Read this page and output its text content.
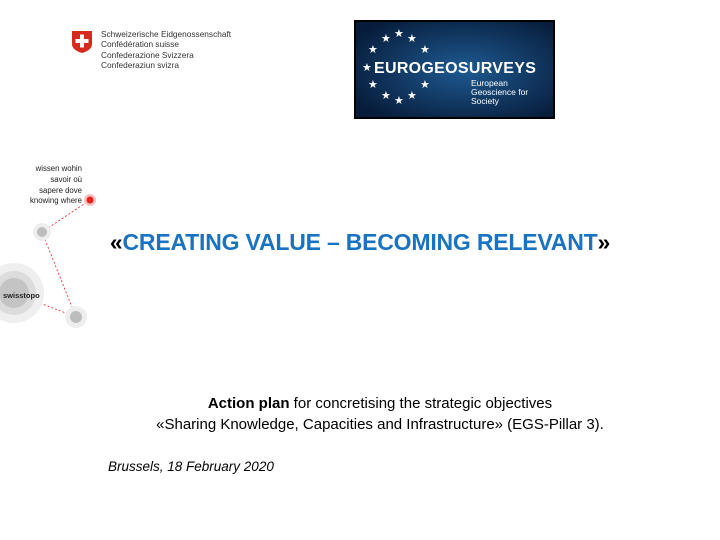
Schweizerische Eidgenossenschaft
Confédération suisse
Confederazione Svizzera
Confederaziun svizra
★ ★ ★
★	★
★
★	★
★ ★ ★
EUROGEOSURVEYS
European
Geoscience for
Society
wissen wohin
savoir où
sapere dove
knowing where
swisstopo
«CREATING VALUE – BECOMING RELEVANT»
Action plan for concretising the strategic objectives
«Sharing Knowledge, Capacities and Infrastructure» (EGS-Pillar 3).
Brussels, 18 February 2020
